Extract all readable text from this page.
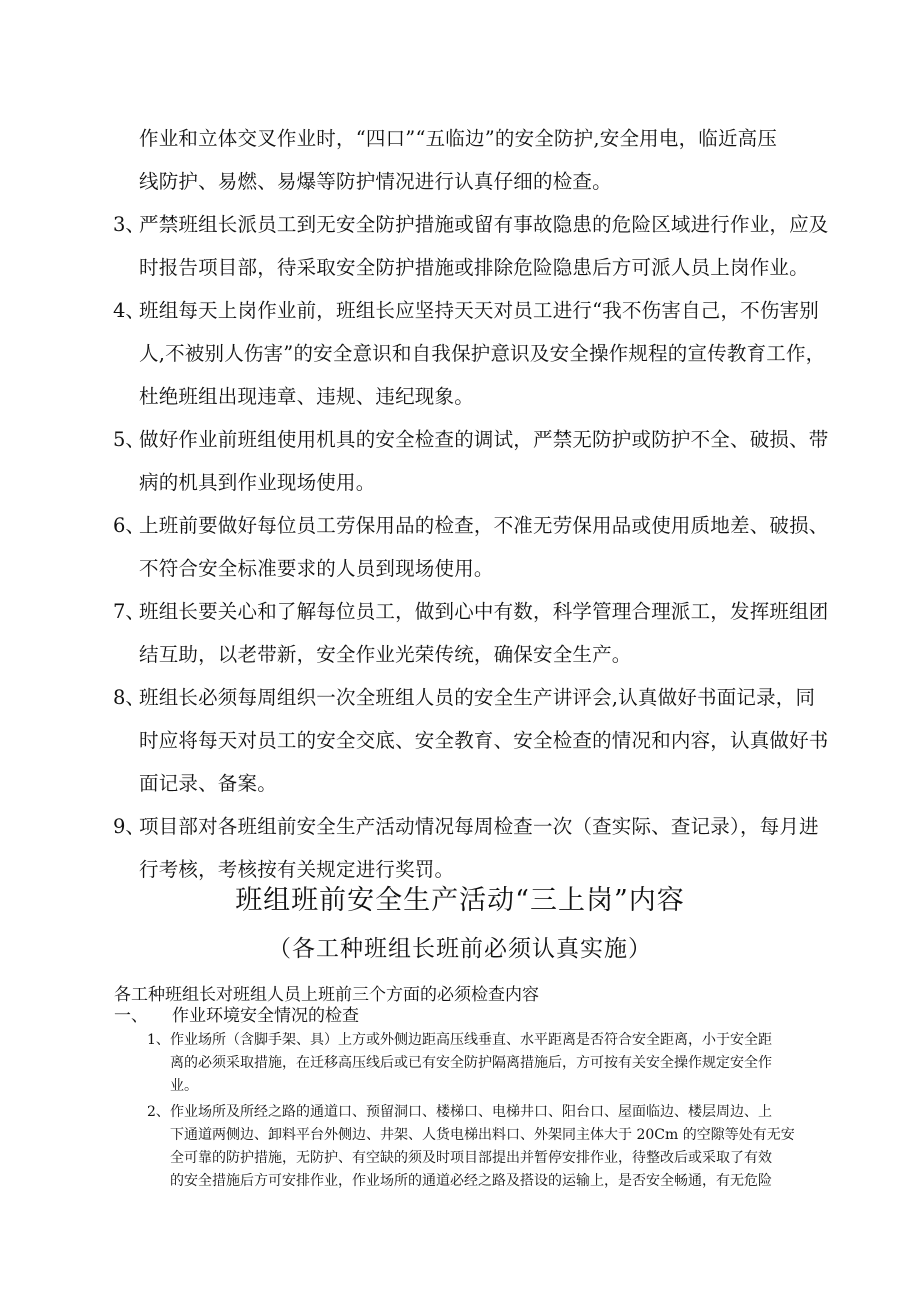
作业和立体交叉作业时，“四口”“五临边”的安全防护,安全用电，临近高压
线防护、易燃、易爆等防护情况进行认真仔细的检查。
3、
严禁班组长派员工到无安全防护措施或留有事故隐患的危险区域进行作业，应及
时报告项目部，待采取安全防护措施或排除危险隐患后方可派人员上岗作业。
4、
班组每天上岗作业前，班组长应坚持天天对员工进行“我不伤害自己，不伤害别
人,不被别人伤害”的安全意识和自我保护意识及安全操作规程的宣传教育工作，
杜绝班组出现违章、违规、违纪现象。
5、
做好作业前班组使用机具的安全检查的调试，严禁无防护或防护不全、破损、带
病的机具到作业现场使用。
6、
上班前要做好每位员工劳保用品的检查，不准无劳保用品或使用质地差、破损、
不符合安全标准要求的人员到现场使用。
7、
班组长要关心和了解每位员工，做到心中有数，科学管理合理派工，发挥班组团
结互助，以老带新，安全作业光荣传统，确保安全生产。
8、
班组长必须每周组织一次全班组人员的安全生产讲评会,认真做好书面记录，同
时应将每天对员工的安全交底、安全教育、安全检查的情况和内容，认真做好书
面记录、备案。
9、
项目部对各班组前安全生产活动情况每周检查一次（查实际、查记录），每月进
行考核，考核按有关规定进行奖罚。
班组班前安全生产活动“三上岗”内容
（各工种班组长班前必须认真实施）
各工种班组长对班组人员上班前三个方面的必须检查内容
一、 作业环境安全情况的检查
1、 作业场所（含脚手架、具）上方或外侧边距高压线垂直、水平距离是否符合安全距离，小于安全距
离的必须采取措施，在迁移高压线后或已有安全防护隔离措施后，方可按有关安全操作规定安全作
业。
2、 作业场所及所经之路的通道口、预留洞口、楼梯口、电梯井口、阳台口、屋面临边、楼层周边、上
下通道两侧边、卸料平台外侧边、井架、人货电梯出料口、外架同主体大于 20Cm 的空隙等处有无安
全可靠的防护措施，无防护、有空缺的须及时项目部提出并暂停安排作业，待整改后或采取了有效
的安全措施后方可安排作业，作业场所的通道必经之路及搭设的运输上，是否安全畅通，有无危险
